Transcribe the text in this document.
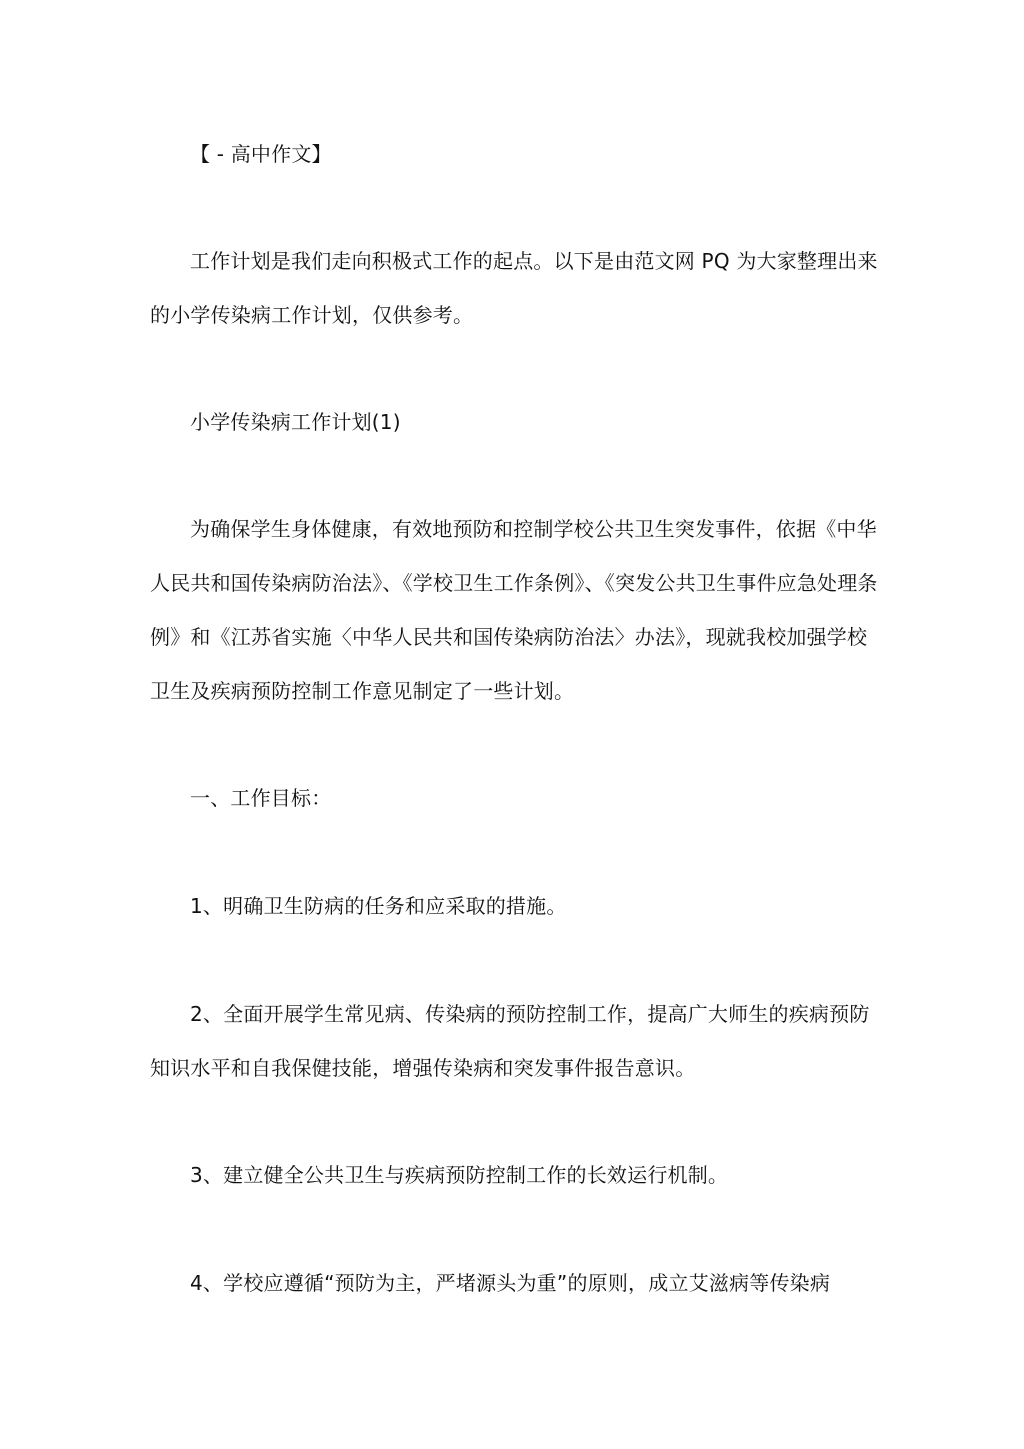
【 - 高中作文】

工作计划是我们走向积极式工作的起点。以下是由范文网 PQ 为大家整理出来的小学传染病工作计划，仅供参考。

小学传染病工作计划(1)

为确保学生身体健康，有效地预防和控制学校公共卫生突发事件，依据《中华人民共和国传染病防治法》、《学校卫生工作条例》、《突发公共卫生事件应急处理条例》和《江苏省实施〈中华人民共和国传染病防治法〉办法》，现就我校加强学校卫生及疾病预防控制工作意见制定了一些计划。

一、工作目标：

1、明确卫生防病的任务和应采取的措施。

2、全面开展学生常见病、传染病的预防控制工作，提高广大师生的疾病预防知识水平和自我保健技能，增强传染病和突发事件报告意识。

3、建立健全公共卫生与疾病预防控制工作的长效运行机制。

4、学校应遵循“预防为主，严堵源头为重”的原则，成立艾滋病等传染病
